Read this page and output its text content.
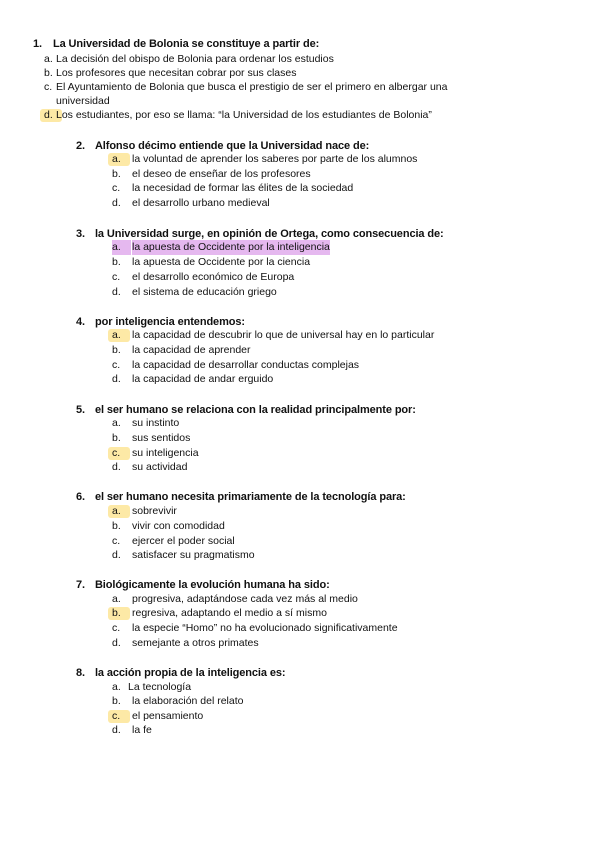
1. La Universidad de Bolonia se constituye a partir de:
a. La decisión del obispo de Bolonia para ordenar los estudios
b. Los profesores que necesitan cobrar por sus clases
c. El Ayuntamiento de Bolonia que busca el prestigio de ser el primero en albergar una
universidad
d. Los estudiantes, por eso se llama: “la Universidad de los estudiantes de Bolonia”
2. Alfonso décimo entiende que la Universidad nace de:
a. la voluntad de aprender los saberes por parte de los alumnos
b. el deseo de enseñar de los profesores
c. la necesidad de formar las élites de la sociedad
d. el desarrollo urbano medieval
3. la Universidad surge, en opinión de Ortega, como consecuencia de:
a.	la apuesta de Occidente por la inteligencia
b. la apuesta de Occidente por la ciencia
c. el desarrollo económico de Europa
d. el sistema de educación griego
4. por inteligencia entendemos:
a. la capacidad de descubrir lo que de universal hay en lo particular
b. la capacidad de aprender
c. la capacidad de desarrollar conductas complejas
d. la capacidad de andar erguido
5. el ser humano se relaciona con la realidad principalmente por:
a. su instinto
b. sus sentidos
c. su inteligencia
d. su actividad
6. el ser humano necesita primariamente de la tecnología para:
a. sobrevivir
b. vivir con comodidad
c. ejercer el poder social
d. satisfacer su pragmatismo
7. Biológicamente la evolución humana ha sido:
a. progresiva, adaptándose cada vez más al medio
b. regresiva, adaptando el medio a sí mismo
c. la especie “Homo” no ha evolucionado significativamente
d. semejante a otros primates
8. la acción propia de la inteligencia es:
a. La tecnología
b. la elaboración del relato
c. el pensamiento
d. la fe
